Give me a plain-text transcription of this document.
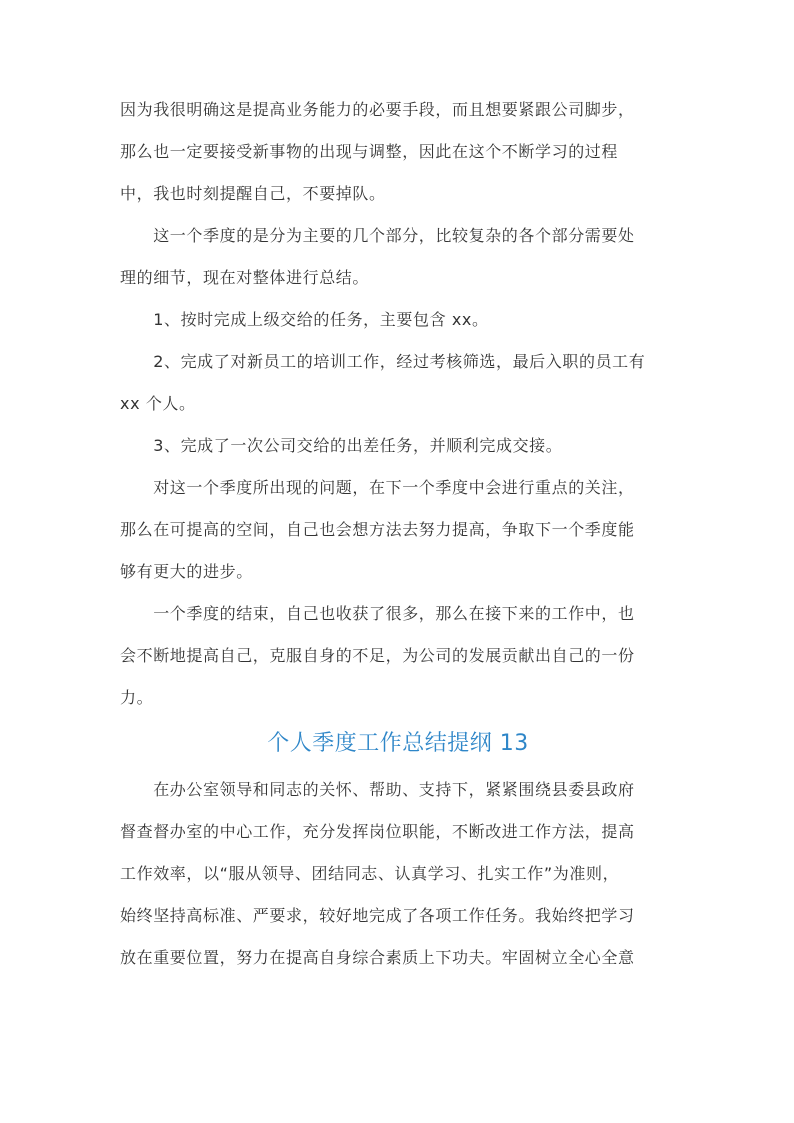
因为我很明确这是提高业务能力的必要手段，而且想要紧跟公司脚步，
那么也一定要接受新事物的出现与调整，因此在这个不断学习的过程
中，我也时刻提醒自己，不要掉队。
　　这一个季度的是分为主要的几个部分，比较复杂的各个部分需要处
理的细节，现在对整体进行总结。
　　1、按时完成上级交给的任务，主要包含 xx。
　　2、完成了对新员工的培训工作，经过考核筛选，最后入职的员工有
xx 个人。
　　3、完成了一次公司交给的出差任务，并顺利完成交接。
　　对这一个季度所出现的问题，在下一个季度中会进行重点的关注，
那么在可提高的空间，自己也会想方法去努力提高，争取下一个季度能
够有更大的进步。
　　一个季度的结束，自己也收获了很多，那么在接下来的工作中，也
会不断地提高自己，克服自身的不足，为公司的发展贡献出自己的一份
力。
个人季度工作总结提纲 13
　　在办公室领导和同志的关怀、帮助、支持下，紧紧围绕县委县政府
督查督办室的中心工作，充分发挥岗位职能，不断改进工作方法，提高
工作效率，以“服从领导、团结同志、认真学习、扎实工作”为准则，
始终坚持高标准、严要求，较好地完成了各项工作任务。我始终把学习
放在重要位置，努力在提高自身综合素质上下功夫。牢固树立全心全意
